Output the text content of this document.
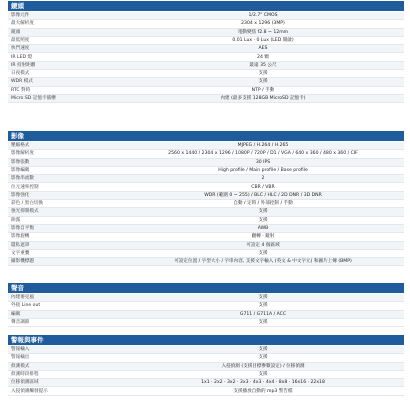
鏡頭
影像元件	1/2.7" CMOS
最大解析度	2304 x 1296 (3MP)
鏡頭	電動變焦 f2.8 ~ 12mm
最低照度	0.01 Lux · 0 Lux (LED 開啟)
快門速度	AES
IR LED 燈	24 顆
IR 投射距離	最遠 35 公尺
日夜模式	支援
WDR 模式	支援
RTC 對時	NTP / 手動
Micro SD 記憶卡插槽	內建 (最多支援 128GB MicroSD 記憶卡)
影像
壓縮格式	MJPEG / H.264 / H.265
影像解析度	2560 x 1440 / 2304 x 1296 / 1080P / 720P / D1 / VGA / 640 x 360 / 480 x 360 / CIF
影像張數	30 IPS
影像編碼	High profile / Main profile / Base profile
影像串流數	2
位元速率控制	CBR / VBR
影像強化	WDR (範圍 0 ~ 255) / BLC / HLC / 2D DNR / 3D DNR
彩色 / 黑白切換	自動 / 定時 / 外部控制 / 手動
強光抑制模式	支援
除霧	支援
影像自平衡	AWB
影像旋轉	翻轉 · 鏡射
隱私遮罩	可設定 4 個區域
文字重疊	支援
攝影機標題	可設定位置 / 字型大小 / 字串內容, 支援文字輸入 (英文 & 中文字元) 和圖片上傳 (BMP)
聲音
內建麥克風	支援
外接 Line out	支援
編碼	G711 / G711A / ACC
聲音調節	支援
警報與事件
警報輸入	支援
警報輸出	支援
偵測模式	入侵偵測 (支援目標參數設定) / 位移偵測
偵測時段排程	支援
位移偵測區域	1x1 · 2x2 · 3x2 · 3x3 · 4x3 · 4x4 · 8x8 · 16x16 · 22x18
入侵偵測觸發提示	支援播放自動的 mp3 警告檔
